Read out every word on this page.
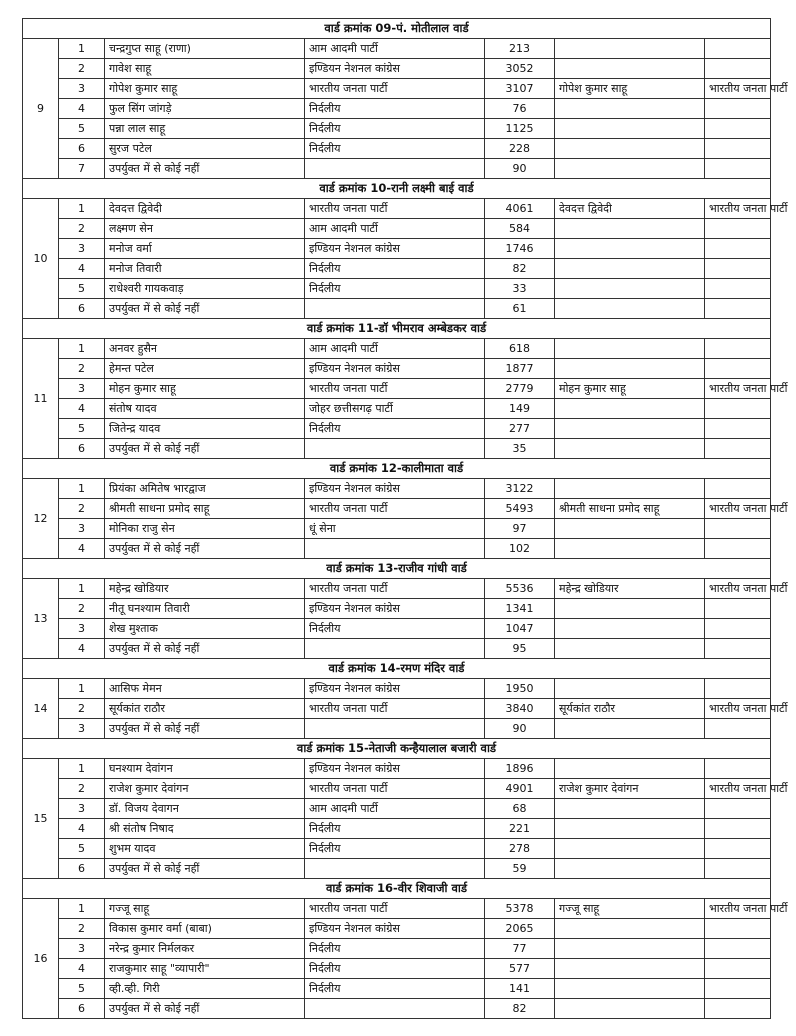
वार्ड क्रमांक 09-पं. मोतीलाल वार्ड						
9	1	चन्द्रगुप्त साहू (राणा)	आम आदमी पार्टी	213		
	2	गावेश साहू	इण्डियन नेशनल कांग्रेस	3052		
	3	गोपेश कुमार साहू	भारतीय जनता पार्टी	3107	गोपेश कुमार साहू	भारतीय जनता पार्टी
	4	फुल सिंग जांगड़े	निर्दलीय	76		
	5	पन्ना लाल साहू	निर्दलीय	1125		
	6	सुरज पटेल	निर्दलीय	228		
	7	उपर्युक्त में से कोई नहीं		90		
वार्ड क्रमांक 10-रानी लक्ष्मी बाई वार्ड						
10	1	देवदत्त द्विवेदी	भारतीय जनता पार्टी	4061	देवदत्त द्विवेदी	भारतीय जनता पार्टी
	2	लक्ष्मण सेन	आम आदमी पार्टी	584		
	3	मनोज वर्मा	इण्डियन नेशनल कांग्रेस	1746		
	4	मनोज तिवारी	निर्दलीय	82		
	5	राधेश्वरी गायकवाड़	निर्दलीय	33		
	6	उपर्युक्त में से कोई नहीं		61		
वार्ड क्रमांक 11-डॉ भीमराव अम्बेडकर वार्ड						
11	1	अनवर हुसैन	आम आदमी पार्टी	618		
	2	हेमन्त पटेल	इण्डियन नेशनल कांग्रेस	1877		
	3	मोहन कुमार साहू	भारतीय जनता पार्टी	2779	मोहन कुमार साहू	भारतीय जनता पार्टी
	4	संतोष यादव	जोहर छत्तीसगढ़ पार्टी	149		
	5	जितेन्द्र यादव	निर्दलीय	277		
	6	उपर्युक्त में से कोई नहीं		35		
वार्ड क्रमांक 12-कालीमाता वार्ड						
12	1	प्रियंका अमितेष भारद्वाज	इण्डियन नेशनल कांग्रेस	3122		
	2	श्रीमती साधना प्रमोद साहू	भारतीय जनता पार्टी	5493	श्रीमती साधना प्रमोद साहू	भारतीय जनता पार्टी
	3	मोनिका राजु सेन	धूं सेना	97		
	4	उपर्युक्त में से कोई नहीं		102		
वार्ड क्रमांक 13-राजीव गांधी वार्ड						
13	1	महेन्द्र खोडियार	भारतीय जनता पार्टी	5536	महेन्द्र खोडियार	भारतीय जनता पार्टी
	2	नीतू घनश्याम तिवारी	इण्डियन नेशनल कांग्रेस	1341		
	3	शेख मुश्ताक	निर्दलीय	1047		
	4	उपर्युक्त में से कोई नहीं		95		
वार्ड क्रमांक 14-रमण मंदिर वार्ड						
14	1	आसिफ मेमन	इण्डियन नेशनल कांग्रेस	1950		
	2	सूर्यकांत राठौर	भारतीय जनता पार्टी	3840	सूर्यकांत राठौर	भारतीय जनता पार्टी
	3	उपर्युक्त में से कोई नहीं		90		
वार्ड क्रमांक 15-नेताजी कन्हैयालाल बजारी वार्ड						
15	1	घनश्याम देवांगन	इण्डियन नेशनल कांग्रेस	1896		
	2	राजेश कुमार देवांगन	भारतीय जनता पार्टी	4901	राजेश कुमार देवांगन	भारतीय जनता पार्टी
	3	डॉ. विजय देवागन	आम आदमी पार्टी	68		
	4	श्री संतोष निषाद	निर्दलीय	221		
	5	शुभम यादव	निर्दलीय	278		
	6	उपर्युक्त में से कोई नहीं		59		
वार्ड क्रमांक 16-वीर शिवाजी वार्ड						
16	1	गज्जू साहू	भारतीय जनता पार्टी	5378	गज्जू साहू	भारतीय जनता पार्टी
	2	विकास कुमार वर्मा (बाबा)	इण्डियन नेशनल कांग्रेस	2065		
	3	नरेन्द्र कुमार निर्मलकर	निर्दलीय	77		
	4	राजकुमार साहू "व्यापारी"	निर्दलीय	577		
	5	व्ही.व्ही. गिरी	निर्दलीय	141		
	6	उपर्युक्त में से कोई नहीं		82		
